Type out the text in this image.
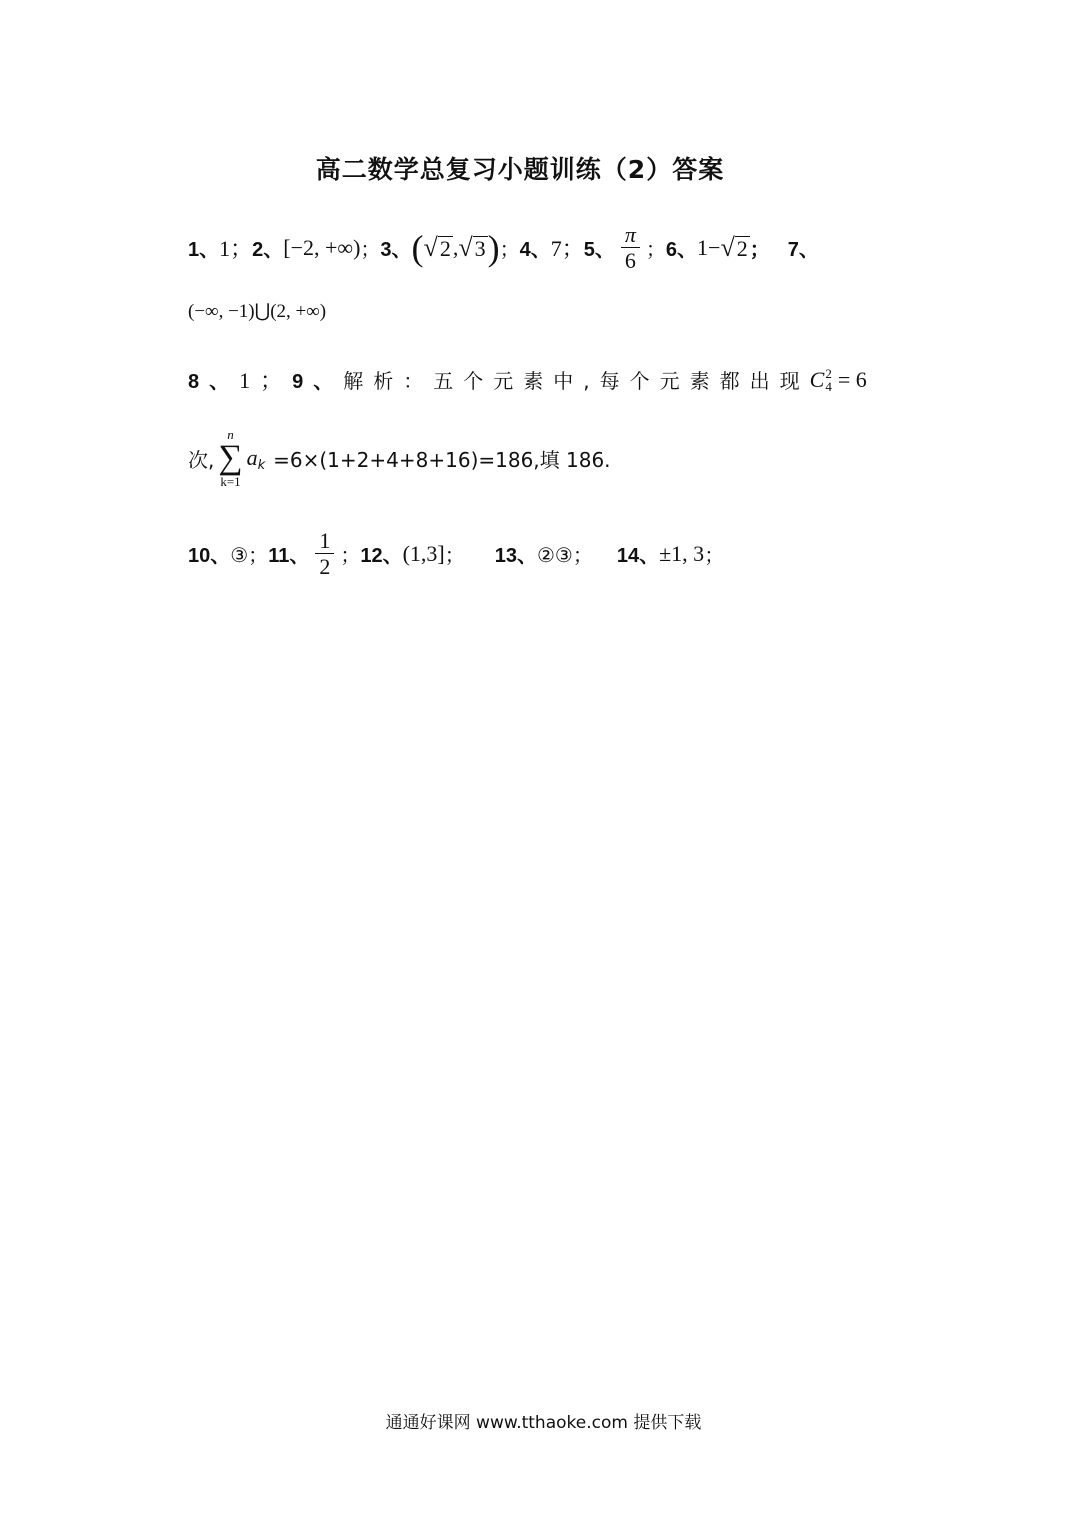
高二数学总复习小题训练（2）答案
1、 1； 2、 [−2, +∞) ； 3、 ( √ 2 , √ 3 ) ； 4、 7； 5、 $\frac{\pi}{6}$ ； 6、 1− √ 2 ； 7、
(−∞, −1)⋃(2, +∞)
8、 1； 9、 解析：五个元素中,每个元素都出现 C 2
4 = 6
次,
n
∑
k=1
a k =6×(1+2+4+8+16)=186,填 186.
10、 ③； 11、 $\frac{1}{2}$ ； 12、 (1,3] ； 13、 ②③； 14、 ±1, 3 ；
通通好课网 www.tthaoke.com 提供下载
